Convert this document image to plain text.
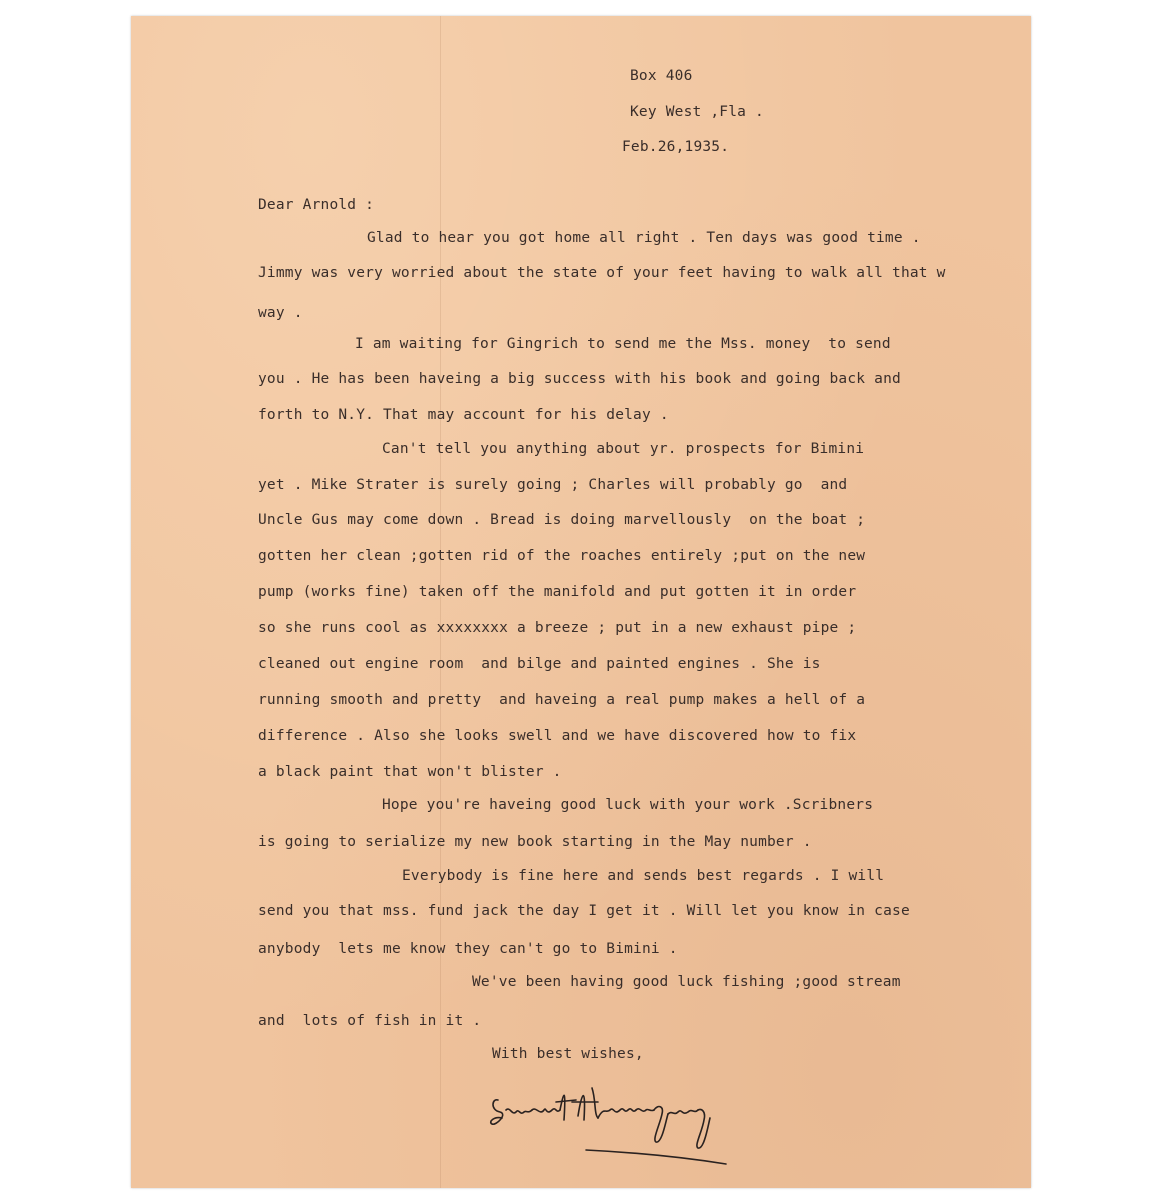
Box 406
Key West ,Fla .
Feb.26,1935.
Dear Arnold :
Glad to hear you got home all right . Ten days was good time .
Jimmy was very worried about the state of your feet having to walk all that w
way .
I am waiting for Gingrich to send me the Mss. money  to send
you . He has been haveing a big success with his book and going back and
forth to N.Y. That may account for his delay .
Can't tell you anything about yr. prospects for Bimini
yet . Mike Strater is surely going ; Charles will probably go  and
Uncle Gus may come down . Bread is doing marvellously  on the boat ;
gotten her clean ;gotten rid of the roaches entirely ;put on the new
pump (works fine) taken off the manifold and put gotten it in order
so she runs cool as xxxxxxxx a breeze ; put in a new exhaust pipe ;
cleaned out engine room  and bilge and painted engines . She is
running smooth and pretty  and haveing a real pump makes a hell of a
difference . Also she looks swell and we have discovered how to fix
a black paint that won't blister .
Hope you're haveing good luck with your work .Scribners
is going to serialize my new book starting in the May number .
Everybody is fine here and sends best regards . I will
send you that mss. fund jack the day I get it . Will let you know in case
anybody  lets me know they can't go to Bimini .
We've been having good luck fishing ;good stream
and  lots of fish in it .
With best wishes,
